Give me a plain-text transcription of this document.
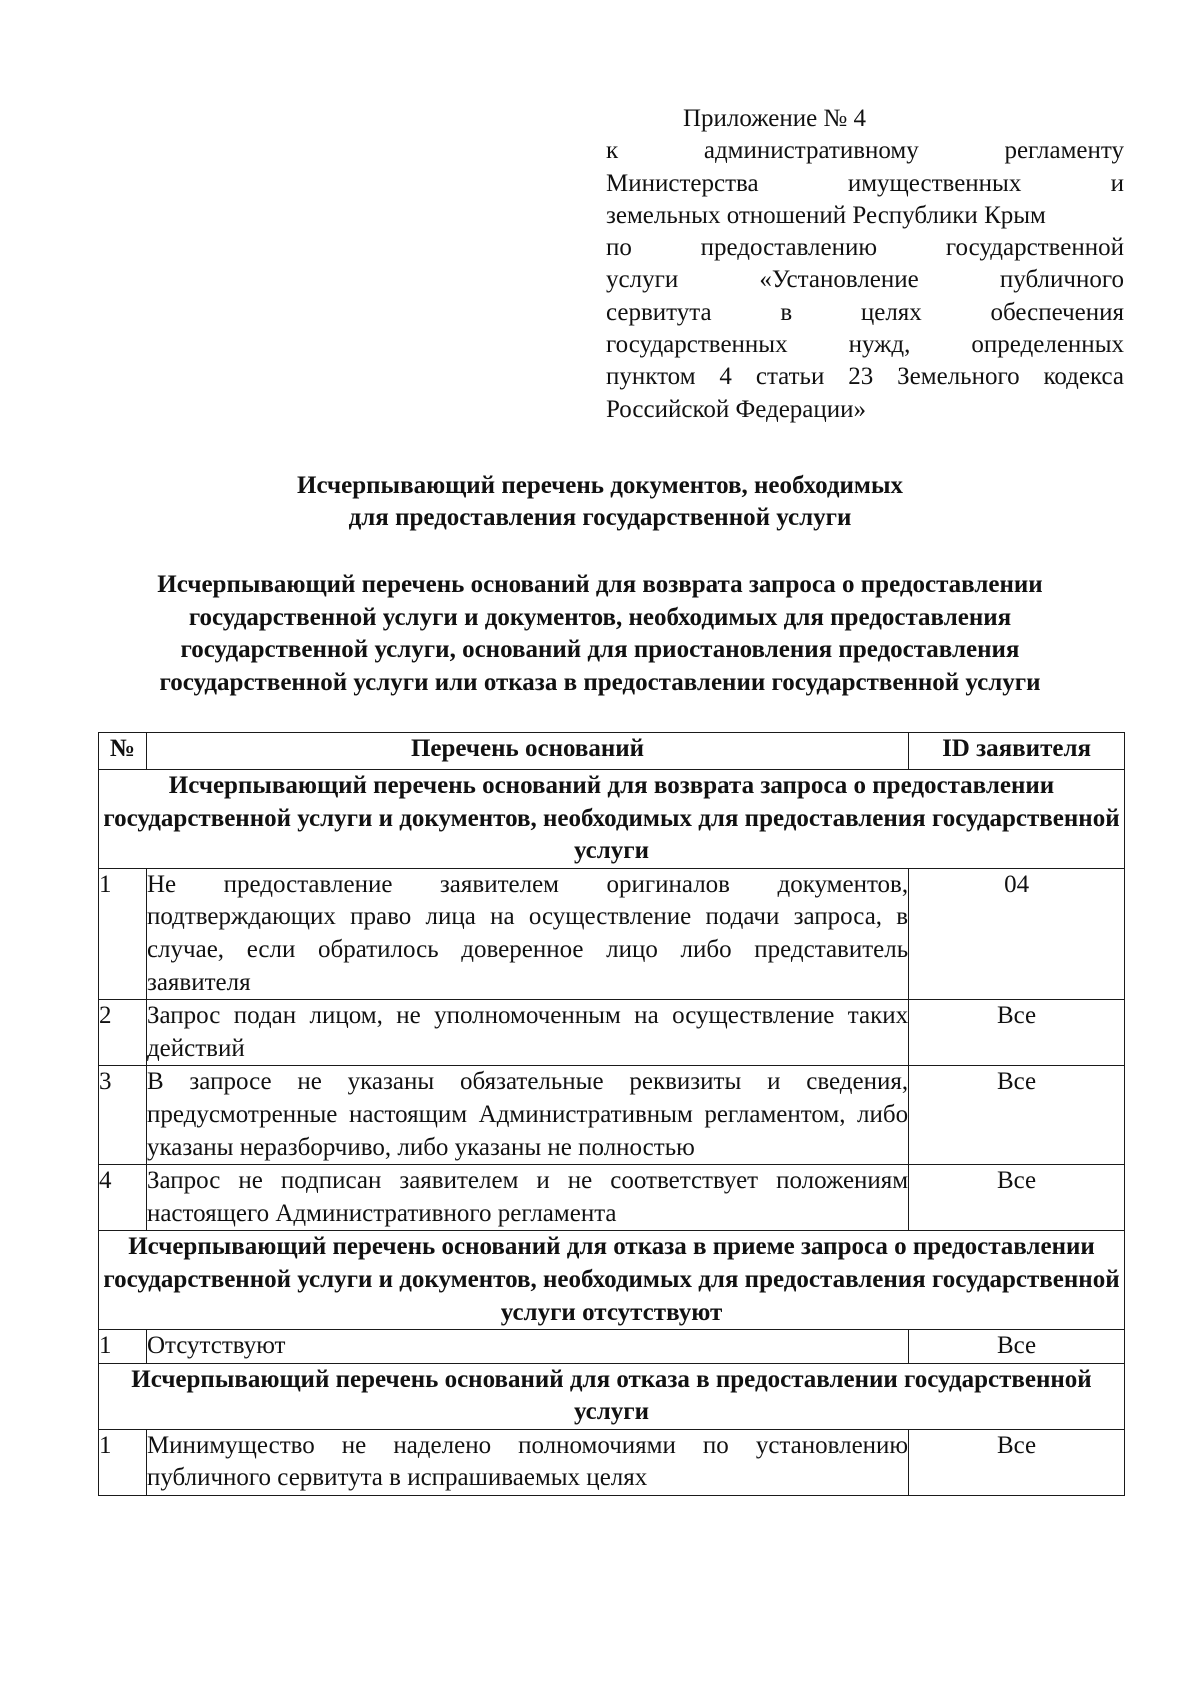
Приложение № 4
к административному регламенту
Министерства имущественных и
земельных отношений Республики Крым
по предоставлению государственной
услуги «Установление публичного
сервитута в целях обеспечения
государственных нужд, определенных
пунктом 4 статьи 23 Земельного кодекса
Российской Федерации»
Исчерпывающий перечень документов, необходимых
для предоставления государственной услуги
Исчерпывающий перечень оснований для возврата запроса о предоставлении
государственной услуги и документов, необходимых для предоставления
государственной услуги, оснований для приостановления предоставления
государственной услуги или отказа в предоставлении государственной услуги
№	Перечень оснований	ID заявителя
Исчерпывающий перечень оснований для возврата запроса о предоставлении государственной услуги и документов, необходимых для предоставления государственной услуги		
1	Не предоставление заявителем оригиналов документов, подтверждающих право лица на осуществление подачи запроса, в случае, если обратилось доверенное лицо либо представитель заявителя	04
2	Запрос подан лицом, не уполномоченным на осуществление таких действий	Все
3	В запросе не указаны обязательные реквизиты и сведения, предусмотренные настоящим Административным регламентом, либо указаны неразборчиво, либо указаны не полностью	Все
4	Запрос не подписан заявителем и не соответствует положениям настоящего Административного регламента	Все
Исчерпывающий перечень оснований для отказа в приеме запроса о предоставлении государственной услуги и документов, необходимых для предоставления государственной услуги отсутствуют		
1	Отсутствуют	Все
Исчерпывающий перечень оснований для отказа в предоставлении государственной услуги		
1	Минимущество не наделено полномочиями по установлению публичного сервитута в испрашиваемых целях	Все
